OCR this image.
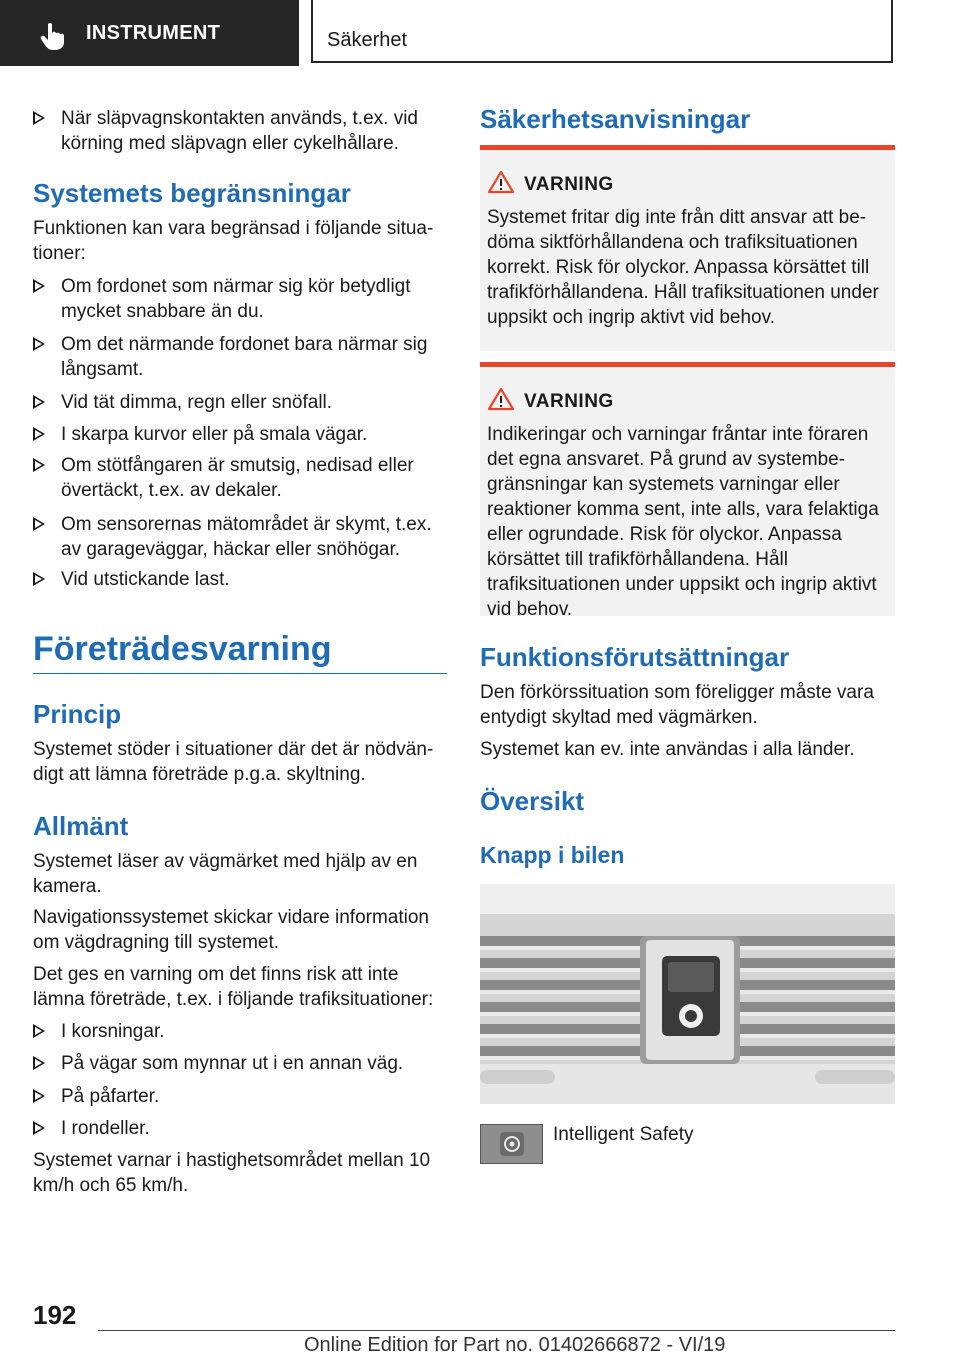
INSTRUMENT	Säkerhet
När släpvagnskontakten används, t.ex. vid körning med släpvagn eller cykelhållare.
Systemets begränsningar
Funktionen kan vara begränsad i följande situationer:
Om fordonet som närmar sig kör betydligt mycket snabbare än du.
Om det närmande fordonet bara närmar sig långsamt.
Vid tät dimma, regn eller snöfall.
I skarpa kurvor eller på smala vägar.
Om stötfångaren är smutsig, nedisad eller övertäckt, t.ex. av dekaler.
Om sensorernas mätområdet är skymt, t.ex. av garageväggar, häckar eller snöhögar.
Vid utstickande last.
Företrädesvarning
Princip
Systemet stöder i situationer där det är nödvändigt att lämna företräde p.g.a. skyltning.
Allmänt
Systemet läser av vägmärket med hjälp av en kamera.
Navigationssystemet skickar vidare information om vägdragning till systemet.
Det ges en varning om det finns risk att inte lämna företräde, t.ex. i följande trafiksituationer:
I korsningar.
På vägar som mynnar ut i en annan väg.
På påfarter.
I rondeller.
Systemet varnar i hastighetsområdet mellan 10 km/h och 65 km/h.
Säkerhetsanvisningar
VARNING
Systemet fritar dig inte från ditt ansvar att bedöma siktförhållandena och trafiksituationen korrekt. Risk för olyckor. Anpassa körsättet till trafikförhållandena. Håll trafiksituationen under uppsikt och ingrip aktivt vid behov.
VARNING
Indikeringar och varningar fråntar inte föraren det egna ansvaret. På grund av systembegränsningar kan systemets varningar eller reaktioner komma sent, inte alls, vara felaktiga eller ogrundade. Risk för olyckor. Anpassa körsättet till trafikförhållandena. Håll trafiksituationen under uppsikt och ingrip aktivt vid behov.
Funktionsförutsättningar
Den förkörssituation som föreligger måste vara entydigt skyltad med vägmärken.
Systemet kan ev. inte användas i alla länder.
Översikt
Knapp i bilen
Intelligent Safety
192
Online Edition for Part no. 01402666872 - VI/19
